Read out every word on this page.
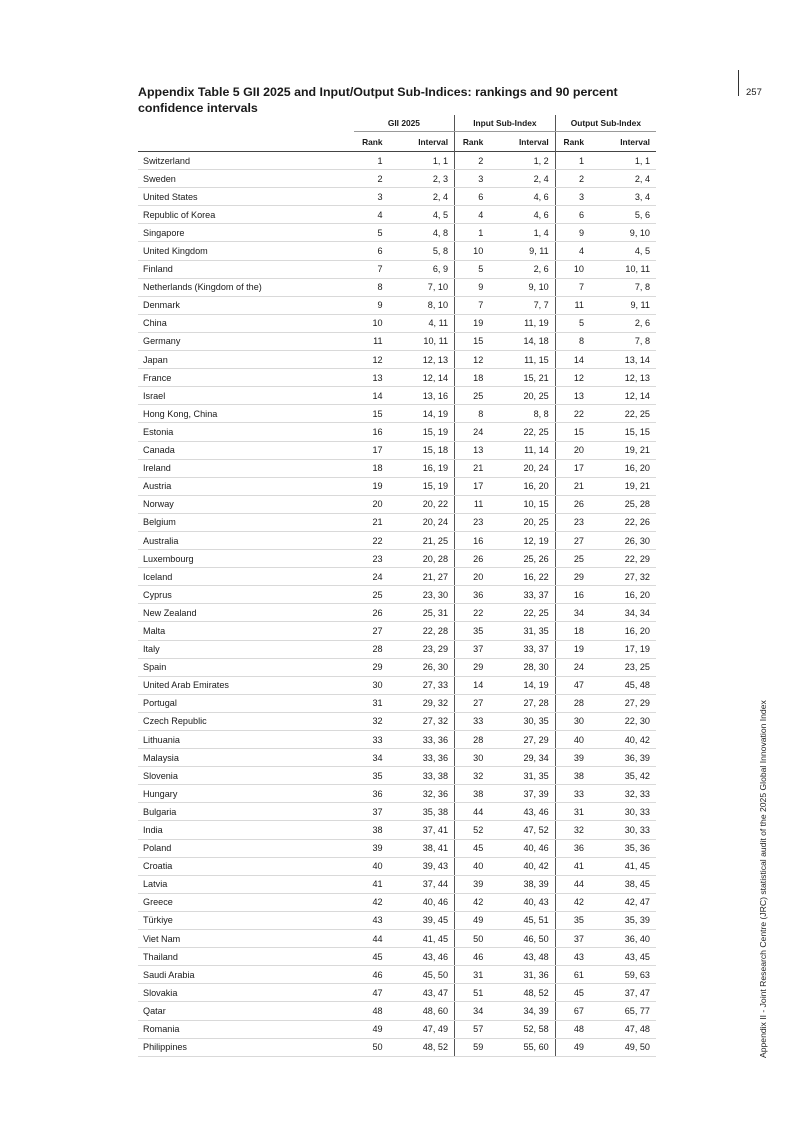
Appendix Table 5 GII 2025 and Input/Output Sub-Indices: rankings and 90 percent confidence intervals
257
Appendix II - Joint Research Centre (JRC) statistical audit of the 2025 Global Innovation Index
	GII 2025		Input Sub-Index		Output Sub-Index	
	Rank	Interval	Rank	Interval	Rank	Interval
Switzerland	1	1, 1	2	1, 2	1	1, 1
Sweden	2	2, 3	3	2, 4	2	2, 4
United States	3	2, 4	6	4, 6	3	3, 4
Republic of Korea	4	4, 5	4	4, 6	6	5, 6
Singapore	5	4, 8	1	1, 4	9	9, 10
United Kingdom	6	5, 8	10	9, 11	4	4, 5
Finland	7	6, 9	5	2, 6	10	10, 11
Netherlands (Kingdom of the)	8	7, 10	9	9, 10	7	7, 8
Denmark	9	8, 10	7	7, 7	11	9, 11
China	10	4, 11	19	11, 19	5	2, 6
Germany	11	10, 11	15	14, 18	8	7, 8
Japan	12	12, 13	12	11, 15	14	13, 14
France	13	12, 14	18	15, 21	12	12, 13
Israel	14	13, 16	25	20, 25	13	12, 14
Hong Kong, China	15	14, 19	8	8, 8	22	22, 25
Estonia	16	15, 19	24	22, 25	15	15, 15
Canada	17	15, 18	13	11, 14	20	19, 21
Ireland	18	16, 19	21	20, 24	17	16, 20
Austria	19	15, 19	17	16, 20	21	19, 21
Norway	20	20, 22	11	10, 15	26	25, 28
Belgium	21	20, 24	23	20, 25	23	22, 26
Australia	22	21, 25	16	12, 19	27	26, 30
Luxembourg	23	20, 28	26	25, 26	25	22, 29
Iceland	24	21, 27	20	16, 22	29	27, 32
Cyprus	25	23, 30	36	33, 37	16	16, 20
New Zealand	26	25, 31	22	22, 25	34	34, 34
Malta	27	22, 28	35	31, 35	18	16, 20
Italy	28	23, 29	37	33, 37	19	17, 19
Spain	29	26, 30	29	28, 30	24	23, 25
United Arab Emirates	30	27, 33	14	14, 19	47	45, 48
Portugal	31	29, 32	27	27, 28	28	27, 29
Czech Republic	32	27, 32	33	30, 35	30	22, 30
Lithuania	33	33, 36	28	27, 29	40	40, 42
Malaysia	34	33, 36	30	29, 34	39	36, 39
Slovenia	35	33, 38	32	31, 35	38	35, 42
Hungary	36	32, 36	38	37, 39	33	32, 33
Bulgaria	37	35, 38	44	43, 46	31	30, 33
India	38	37, 41	52	47, 52	32	30, 33
Poland	39	38, 41	45	40, 46	36	35, 36
Croatia	40	39, 43	40	40, 42	41	41, 45
Latvia	41	37, 44	39	38, 39	44	38, 45
Greece	42	40, 46	42	40, 43	42	42, 47
Türkiye	43	39, 45	49	45, 51	35	35, 39
Viet Nam	44	41, 45	50	46, 50	37	36, 40
Thailand	45	43, 46	46	43, 48	43	43, 45
Saudi Arabia	46	45, 50	31	31, 36	61	59, 63
Slovakia	47	43, 47	51	48, 52	45	37, 47
Qatar	48	48, 60	34	34, 39	67	65, 77
Romania	49	47, 49	57	52, 58	48	47, 48
Philippines	50	48, 52	59	55, 60	49	49, 50
